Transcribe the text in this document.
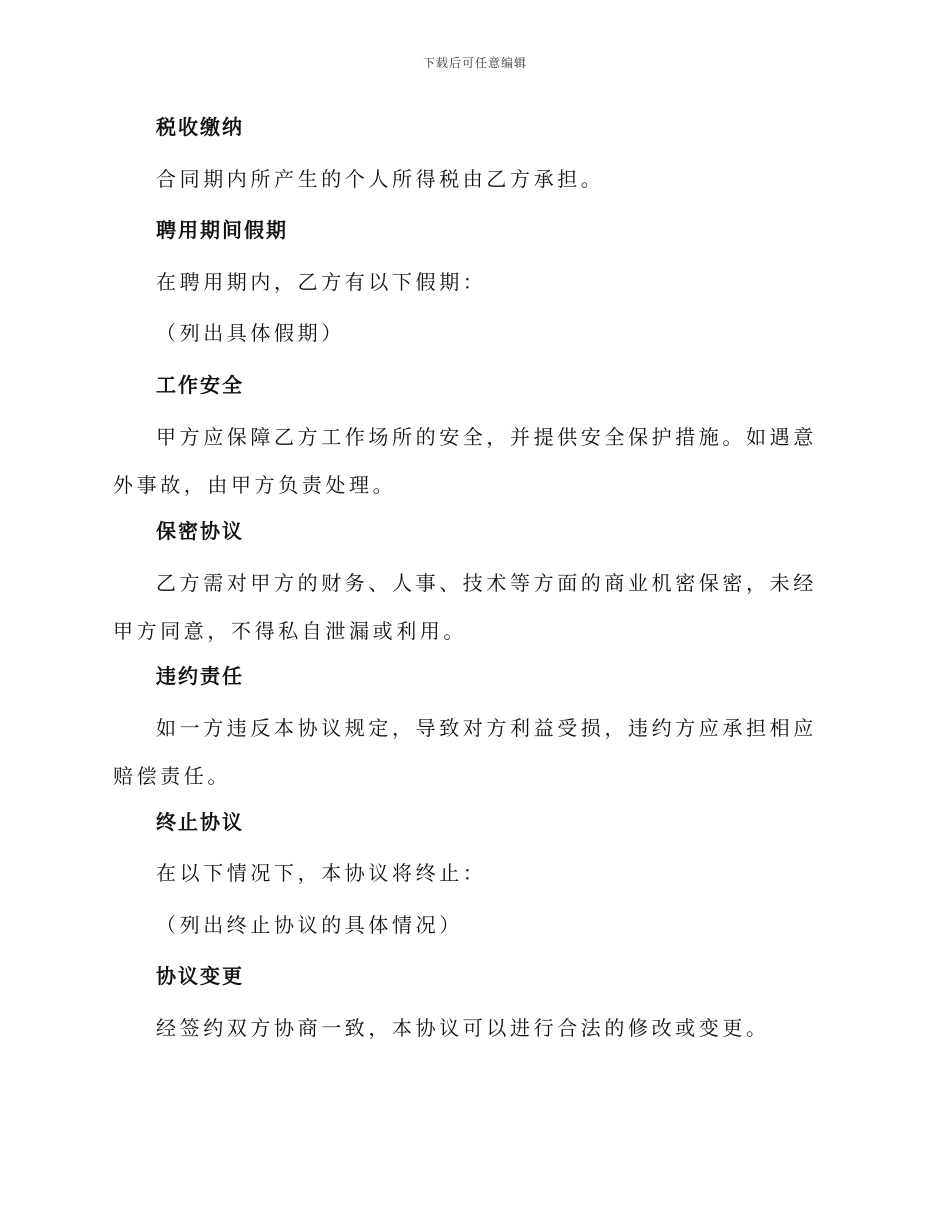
下载后可任意编辑
税收缴纳

合同期内所产生的个人所得税由乙方承担。

聘用期间假期

在聘用期内，乙方有以下假期：

（列出具体假期）

工作安全

甲方应保障乙方工作场所的安全，并提供安全保护措施。如遇意外事故，由甲方负责处理。

保密协议

乙方需对甲方的财务、人事、技术等方面的商业机密保密，未经甲方同意，不得私自泄漏或利用。

违约责任

如一方违反本协议规定，导致对方利益受损，违约方应承担相应赔偿责任。

终止协议

在以下情况下，本协议将终止：

（列出终止协议的具体情况）

协议变更

经签约双方协商一致，本协议可以进行合法的修改或变更。
